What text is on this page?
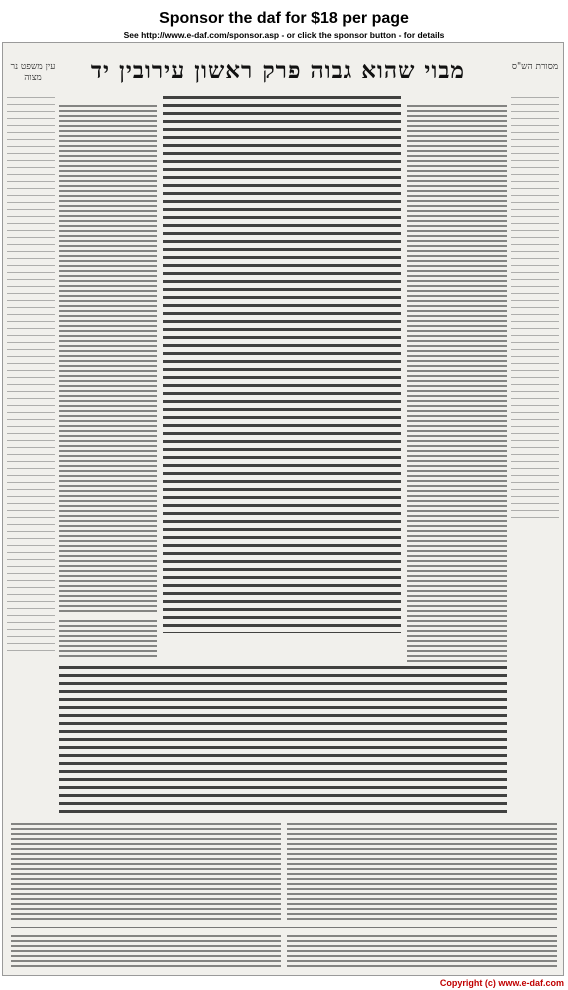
Sponsor the daf for $18 per page
See http://www.e-daf.com/sponsor.asp - or click the sponsor button - for details
מבוי שהוא גבוה פרק ראשון עירובין יד
עין משפט נר מצוה
מסורת הש"ס
Copyright (c) www.e-daf.com
